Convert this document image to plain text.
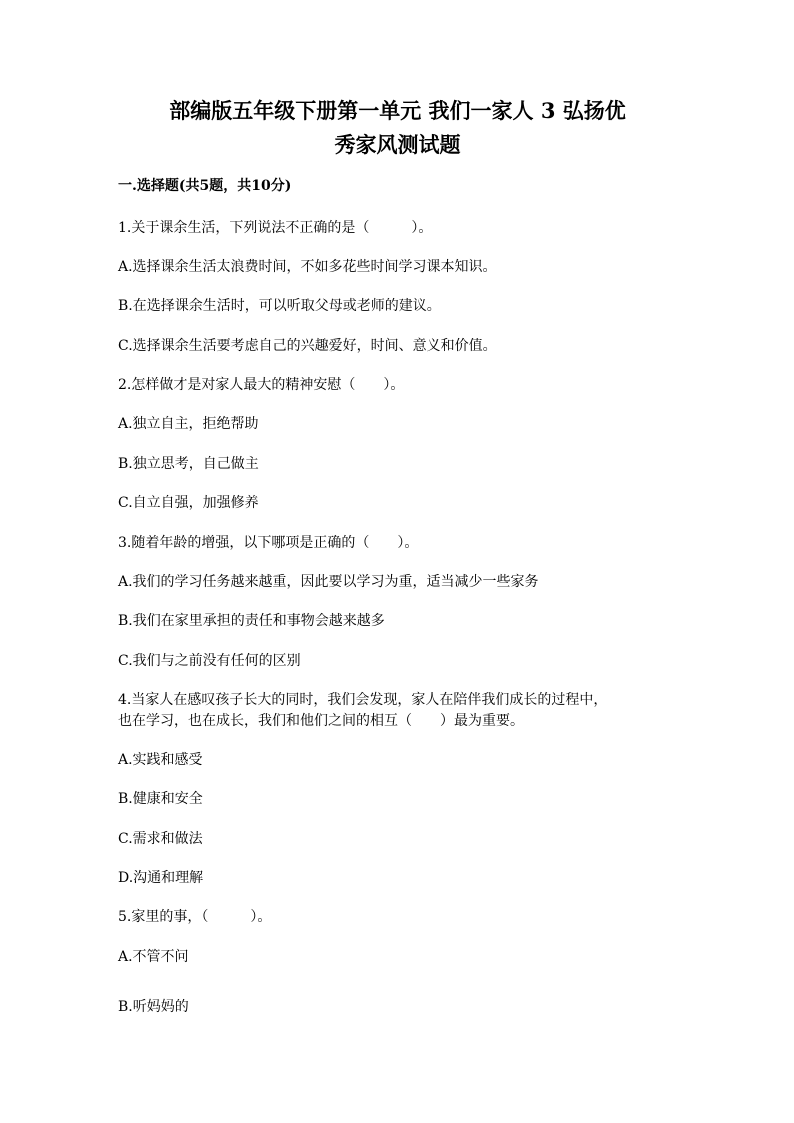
部编版五年级下册第一单元 我们一家人 3 弘扬优
秀家风测试题
一.选择题(共5题，共10分)
1.关于课余生活，下列说法不正确的是（　　　）。
A.选择课余生活太浪费时间，不如多花些时间学习课本知识。
B.在选择课余生活时，可以听取父母或老师的建议。
C.选择课余生活要考虑自己的兴趣爱好，时间、意义和价值。
2.怎样做才是对家人最大的精神安慰（　　）。
A.独立自主，拒绝帮助
B.独立思考，自己做主
C.自立自强，加强修养
3.随着年龄的增强，以下哪项是正确的（　　）。
A.我们的学习任务越来越重，因此要以学习为重，适当减少一些家务
B.我们在家里承担的责任和事物会越来越多
C.我们与之前没有任何的区别
4.当家人在感叹孩子长大的同时，我们会发现，家人在陪伴我们成长的过程中，
也在学习，也在成长，我们和他们之间的相互（　　）最为重要。
A.实践和感受
B.健康和安全
C.需求和做法
D.沟通和理解
5.家里的事，（　　　）。
A.不管不问
B.听妈妈的
